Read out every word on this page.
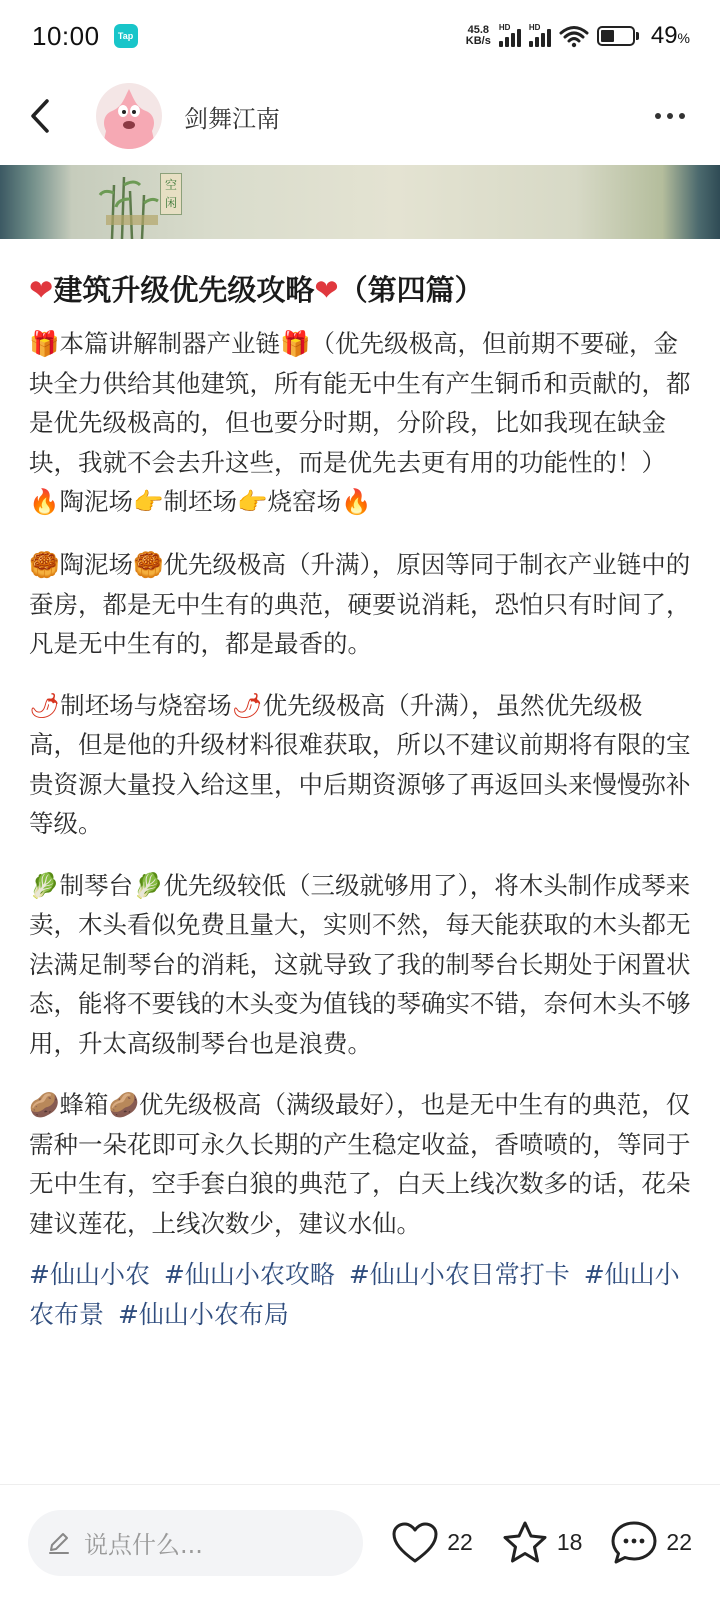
10:00	Tap	45.8
KB/s
HD HD	49%
剑舞江南
空闲
❤建筑升级优先级攻略❤（第四篇）
🎁本篇讲解制器产业链🎁（优先级极高，但前期不要碰，金块全力供给其他建筑，所有能无中生有产生铜币和贡献的，都是优先级极高的，但也要分时期，分阶段，比如我现在缺金块，我就不会去升这些，而是优先去更有用的功能性的！）
🔥陶泥场👉制坯场👉烧窑场🔥
🥮陶泥场🥮优先级极高（升满），原因等同于制衣产业链中的蚕房，都是无中生有的典范，硬要说消耗，恐怕只有时间了，凡是无中生有的，都是最香的。
🌶制坯场与烧窑场🌶优先级极高（升满），虽然优先级极高，但是他的升级材料很难获取，所以不建议前期将有限的宝贵资源大量投入给这里，中后期资源够了再返回头来慢慢弥补等级。
🥬制琴台🥬优先级较低（三级就够用了），将木头制作成琴来卖，木头看似免费且量大，实则不然，每天能获取的木头都无法满足制琴台的消耗，这就导致了我的制琴台长期处于闲置状态，能将不要钱的木头变为值钱的琴确实不错，奈何木头不够用，升太高级制琴台也是浪费。
🥔蜂箱🥔优先级极高（满级最好），也是无中生有的典范，仅需种一朵花即可永久长期的产生稳定收益，香喷喷的，等同于无中生有，空手套白狼的典范了，白天上线次数多的话，花朵建议莲花，上线次数少，建议水仙。
#仙山小农 #仙山小农攻略 #仙山小农日常打卡 #仙山小农布景 #仙山小农布局
说点什么...	22	18	22
